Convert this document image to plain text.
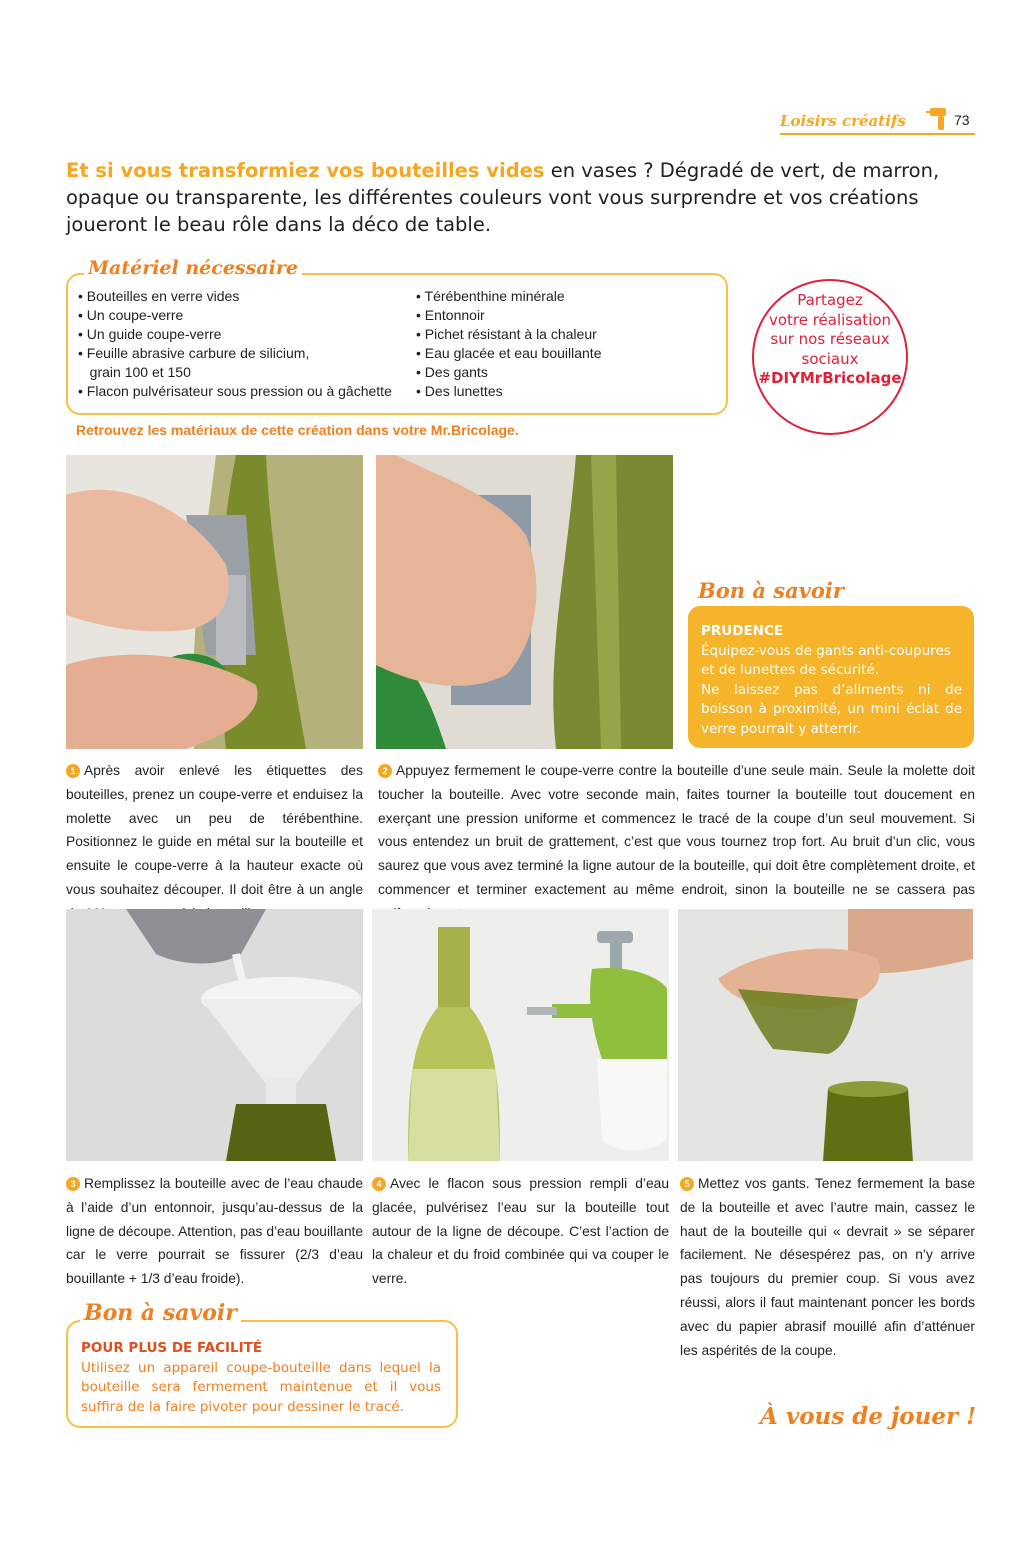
Loisirs créatifs	73

Et si vous transformiez vos bouteilles vides en vases ? Dégradé de vert, de marron, opaque ou transparente, les différentes couleurs vont vous surprendre et vos créations joueront le beau rôle dans la déco de table.

Matériel nécessaire
• Bouteilles en verre vides
• Un coupe-verre
• Un guide coupe-verre
• Feuille abrasive carbure de silicium,
grain 100 et 150
• Flacon pulvérisateur sous pression ou à gâchette
• Térébenthine minérale
• Entonnoir
• Pichet résistant à la chaleur
• Eau glacée et eau bouillante
• Des gants
• Des lunettes
Retrouvez les matériaux de cette création dans votre Mr.Bricolage.
Partagez
votre réalisation
sur nos réseaux
sociaux
#DIYMrBricolage
Bon à savoir
PRUDENCE
Équipez-vous de gants anti-coupures et de lunettes de sécurité.
Ne laissez pas d’aliments ni de boisson à proximité, un mini éclat de verre pourrait y atterrir.

1 Après avoir enlevé les étiquettes des bouteilles, prenez un coupe-verre et enduisez la molette avec un peu de térébenthine. Positionnez le guide en métal sur la bouteille et ensuite le coupe-verre à la hauteur exacte où vous souhaitez découper. Il doit être à un angle

2 Appuyez fermement le coupe-verre contre la bouteille d’une seule main. Seule la molette doit toucher la bouteille. Avec votre seconde main, faites tourner la bouteille tout doucement en exerçant une pression uniforme et commencez le tracé de la coupe d’un seul mouvement. Si vous entendez un bruit de grattement, c’est que vous tournez trop fort. Au bruit d’un clic, vous saurez que vous avez terminé la ligne autour de la bouteille, qui doit être complètement droite, et commencer et terminer exactement au même endroit, sinon la bouteille ne se cassera pas

3 Remplissez la bouteille avec de l’eau chaude à l’aide d’un entonnoir, jusqu’au-dessus de la ligne de découpe. Attention, pas d’eau bouillante car le verre pourrait se fissurer (2/3 d’eau bouillante + 1/3 d’eau froide).

4 Avec le flacon sous pression rempli d’eau glacée, pulvérisez l’eau sur la bouteille tout autour de la ligne de découpe. C’est l’action de la chaleur et du froid combinée qui va couper le verre.

5 Mettez vos gants. Tenez fermement la base de la bouteille et avec l’autre main, cassez le haut de la bouteille qui « devrait » se séparer facilement. Ne désespérez pas, on n’y arrive pas toujours du premier coup. Si vous avez réussi, alors il faut maintenant poncer les bords avec du papier abrasif mouillé afin d’atténuer les aspérités de la coupe.

Bon à savoir
POUR PLUS DE FACILITÉ
Utilisez un appareil coupe-bouteille dans lequel la bouteille sera fermement maintenue et il vous suffira de la faire pivoter pour dessiner le tracé.	À vous de jouer !
